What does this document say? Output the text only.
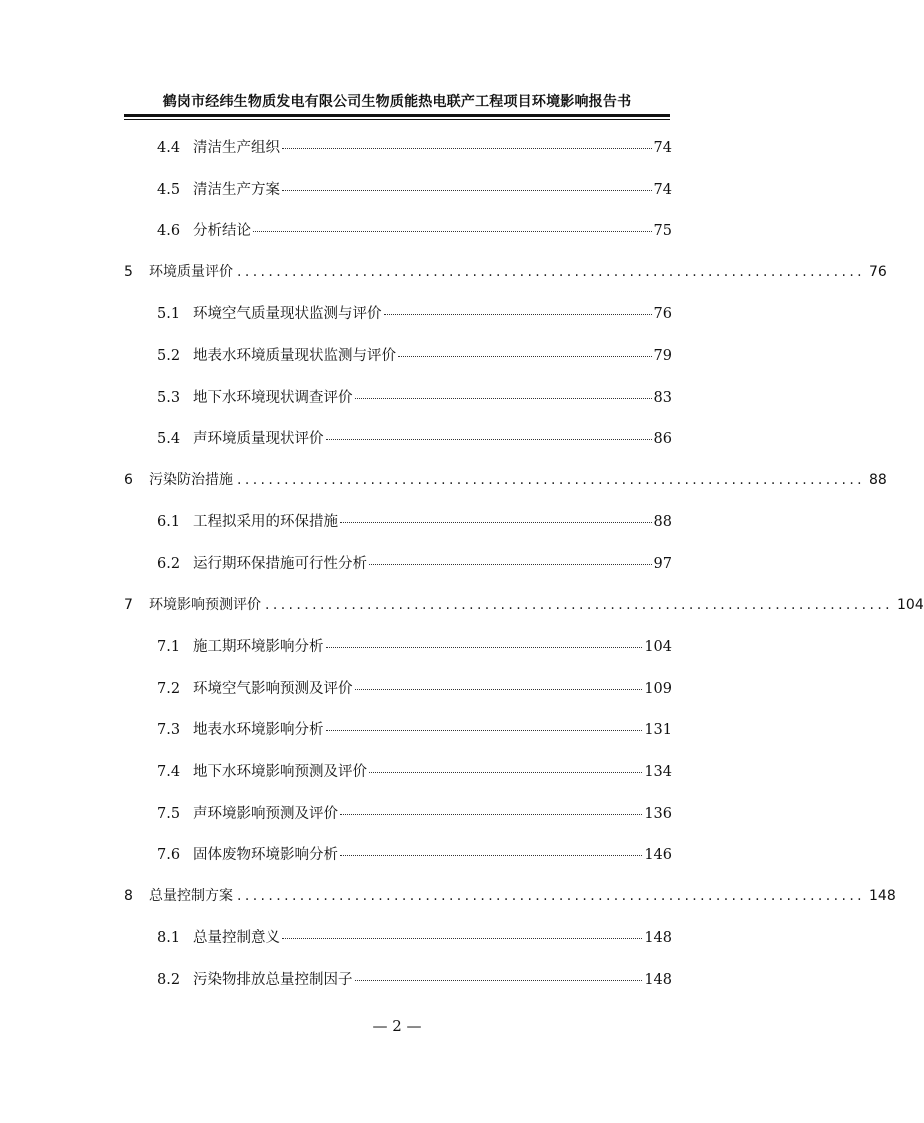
鹤岗市经纬生物质发电有限公司生物质能热电联产工程项目环境影响报告书
4.4 清洁生产组织	74
4.5 清洁生产方案	74
4.6 分析结论	75
5	环境质量评价 ................................................................................ 76
5.1 环境空气质量现状监测与评价	76
5.2 地表水环境质量现状监测与评价	79
5.3 地下水环境现状调查评价	83
5.4 声环境质量现状评价	86
6	污染防治措施 ................................................................................ 88
6.1 工程拟采用的环保措施	88
6.2 运行期环保措施可行性分析	97
7	环境影响预测评价 ................................................................................ 104
7.1 施工期环境影响分析	104
7.2 环境空气影响预测及评价	109
7.3 地表水环境影响分析	131
7.4 地下水环境影响预测及评价	134
7.5 声环境影响预测及评价	136
7.6 固体废物环境影响分析	146
8	总量控制方案 ................................................................................ 148
8.1 总量控制意义	148
8.2 污染物排放总量控制因子	148
— 2 —
